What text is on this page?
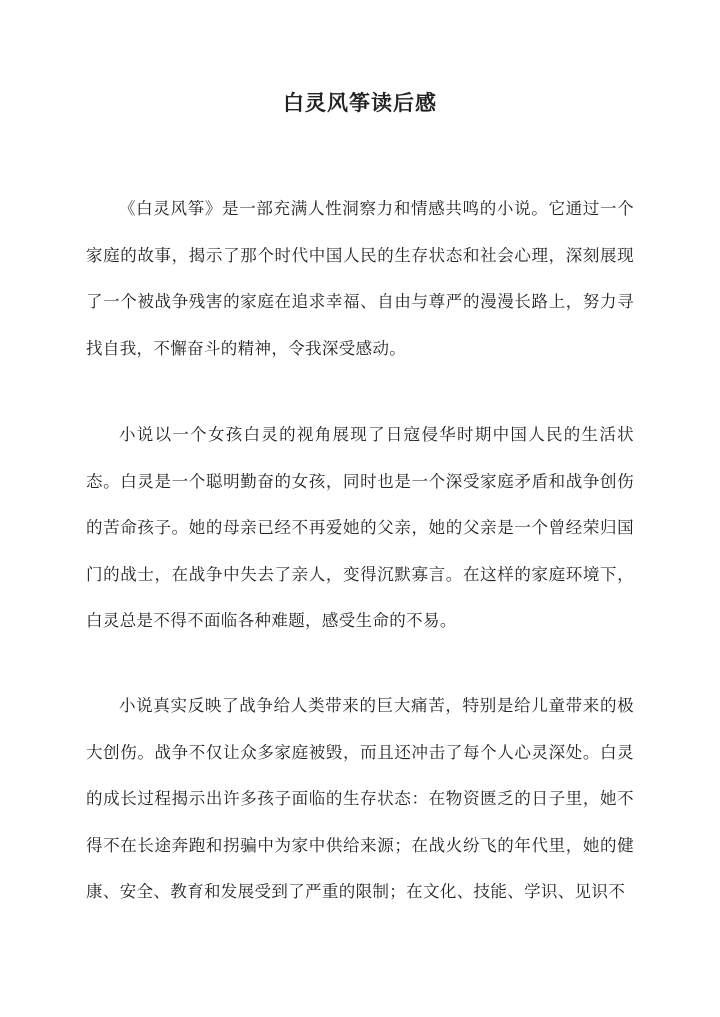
白灵风筝读后感

《白灵风筝》是一部充满人性洞察力和情感共鸣的小说。它通过一个家庭的故事，揭示了那个时代中国人民的生存状态和社会心理，深刻展现了一个被战争残害的家庭在追求幸福、自由与尊严的漫漫长路上，努力寻找自我，不懈奋斗的精神，令我深受感动。

小说以一个女孩白灵的视角展现了日寇侵华时期中国人民的生活状态。白灵是一个聪明勤奋的女孩，同时也是一个深受家庭矛盾和战争创伤的苦命孩子。她的母亲已经不再爱她的父亲，她的父亲是一个曾经荣归国门的战士，在战争中失去了亲人，变得沉默寡言。在这样的家庭环境下，白灵总是不得不面临各种难题，感受生命的不易。

小说真实反映了战争给人类带来的巨大痛苦，特别是给儿童带来的极大创伤。战争不仅让众多家庭被毁，而且还冲击了每个人心灵深处。白灵的成长过程揭示出许多孩子面临的生存状态：在物资匮乏的日子里，她不得不在长途奔跑和拐骗中为家中供给来源；在战火纷飞的年代里，她的健康、安全、教育和发展受到了严重的限制；在文化、技能、学识、见识不
